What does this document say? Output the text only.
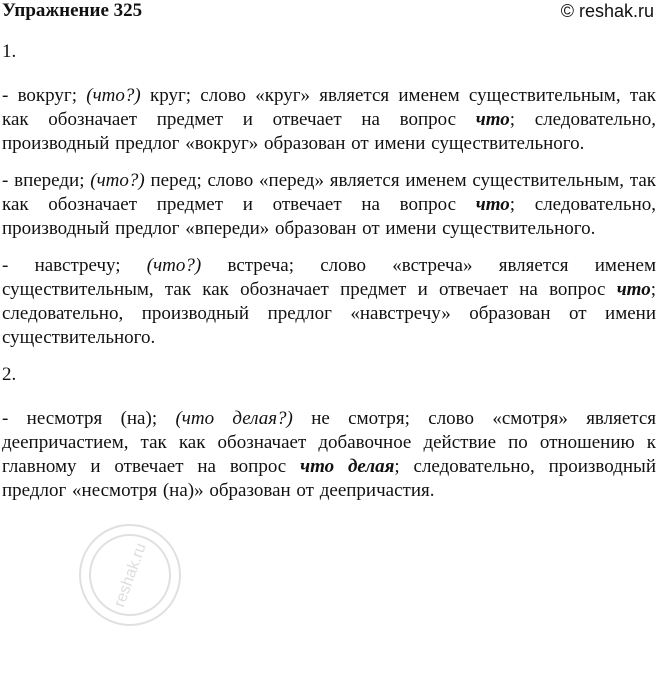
Упражнение 325	© reshak.ru

1.

- вокруг; (что?) круг; слово «круг» является именем существительным, так как обозначает предмет и отвечает на вопрос что; следовательно, производный предлог «вокруг» образован от имени существительного.

- впереди; (что?) перед; слово «перед» является именем существительным, так как обозначает предмет и отвечает на вопрос что; следовательно, производный предлог «впереди» образован от имени существительного.

- навстречу; (что?) встреча; слово «встреча» является именем существительным, так как обозначает предмет и отвечает на вопрос что; следовательно, производный предлог «навстречу» образован от имени существительного.

2.

- несмотря (на); (что делая?) не смотря; слово «смотря» является деепричастием, так как обозначает добавочное действие по отношению к главному и отвечает на вопрос что делая; следовательно, производный предлог «несмотря (на)» образован от деепричастия.

reshak.ru
